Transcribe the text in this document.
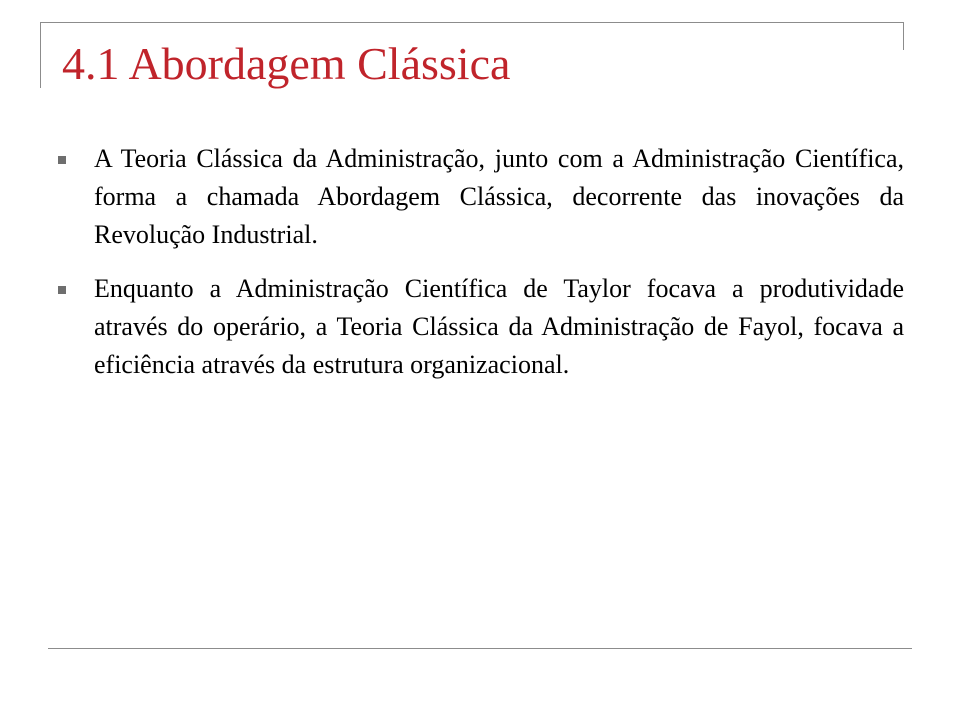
4.1 Abordagem Clássica
A Teoria Clássica da Administração, junto com a Administração Científica, forma a chamada Abordagem Clássica, decorrente das inovações da Revolução Industrial.
Enquanto a Administração Científica de Taylor focava a produtividade através do operário, a Teoria Clássica da Administração de Fayol, focava a eficiência através da estrutura organizacional.
